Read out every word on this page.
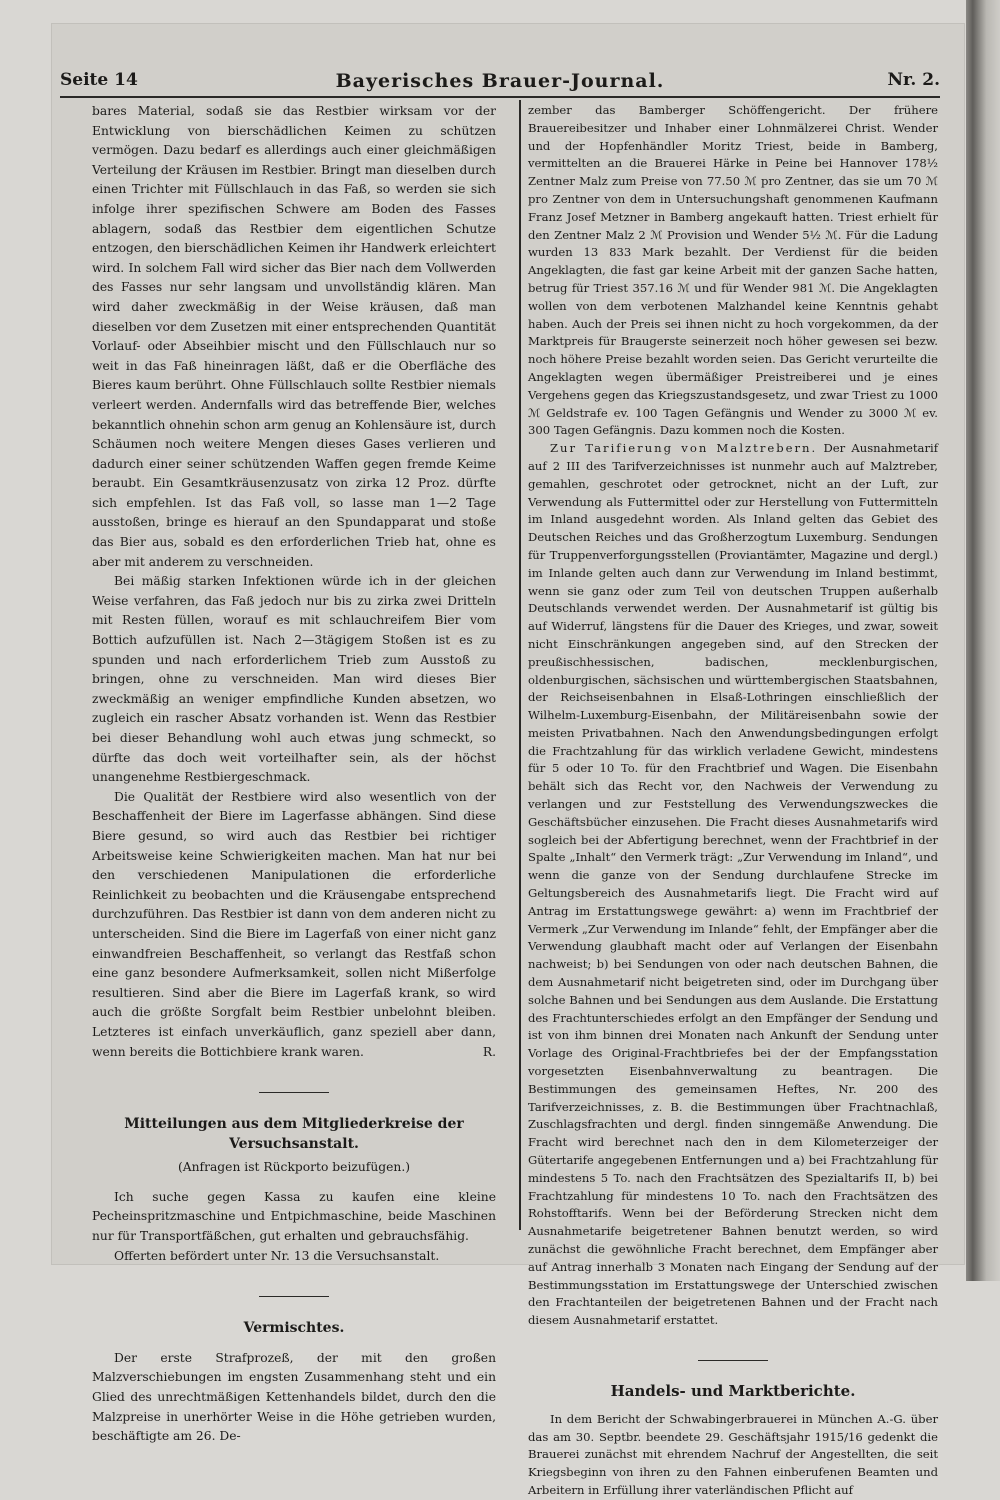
Seite 14	Bayerisches Brauer-Journal.	Nr. 2.

bares Material, sodaß sie das Restbier wirksam vor der Entwicklung von bierschädlichen Keimen zu schützen vermögen. Dazu bedarf es allerdings auch einer gleichmäßigen Verteilung der Kräusen im Restbier. Bringt man dieselben durch einen Trichter mit Füllschlauch in das Faß, so werden sie sich infolge ihrer spezifischen Schwere am Boden des Fasses ablagern, sodaß das Restbier dem eigentlichen Schutze entzogen, den bierschädlichen Keimen ihr Handwerk erleichtert wird. In solchem Fall wird sicher das Bier nach dem Vollwerden des Fasses nur sehr langsam und unvollständig klären. Man wird daher zweckmäßig in der Weise kräusen, daß man dieselben vor dem Zusetzen mit einer entsprechenden Quantität Vorlauf- oder Abseihbier mischt und den Füllschlauch nur so weit in das Faß hineinragen läßt, daß er die Oberfläche des Bieres kaum berührt. Ohne Füllschlauch sollte Restbier niemals verleert werden. Andernfalls wird das betreffende Bier, welches bekanntlich ohnehin schon arm genug an Kohlensäure ist, durch Schäumen noch weitere Mengen dieses Gases verlieren und dadurch einer seiner schützenden Waffen gegen fremde Keime beraubt. Ein Gesamtkräusenzusatz von zirka 12 Proz. dürfte sich empfehlen. Ist das Faß voll, so lasse man 1—2 Tage ausstoßen, bringe es hierauf an den Spundapparat und stoße das Bier aus, sobald es den erforderlichen Trieb hat, ohne es aber mit anderem zu verschneiden.

Bei mäßig starken Infektionen würde ich in der gleichen Weise verfahren, das Faß jedoch nur bis zu zirka zwei Dritteln mit Resten füllen, worauf es mit schlauchreifem Bier vom Bottich aufzufüllen ist. Nach 2—3tägigem Stoßen ist es zu spunden und nach erforderlichem Trieb zum Ausstoß zu bringen, ohne zu verschneiden. Man wird dieses Bier zweckmäßig an weniger empfindliche Kunden absetzen, wo zugleich ein rascher Absatz vorhanden ist. Wenn das Restbier bei dieser Behandlung wohl auch etwas jung schmeckt, so dürfte das doch weit vorteilhafter sein, als der höchst unangenehme Restbiergeschmack.

Die Qualität der Restbiere wird also wesentlich von der Beschaffenheit der Biere im Lagerfasse abhängen. Sind diese Biere gesund, so wird auch das Restbier bei richtiger Arbeitsweise keine Schwierigkeiten machen. Man hat nur bei den verschiedenen Manipulationen die erforderliche Reinlichkeit zu beobachten und die Kräusengabe entsprechend durchzuführen. Das Restbier ist dann von dem anderen nicht zu unterscheiden. Sind die Biere im Lagerfaß von einer nicht ganz einwandfreien Beschaffenheit, so verlangt das Restfaß schon eine ganz besondere Aufmerksamkeit, sollen nicht Mißerfolge resultieren. Sind aber die Biere im Lagerfaß krank, so wird auch die größte Sorgfalt beim Restbier unbelohnt bleiben. Letzteres ist einfach unverkäuflich, ganz speziell aber dann, wenn bereits die Bottichbiere krank waren.	R.
Mitteilungen aus dem Mitgliederkreise der Versuchsanstalt.
(Anfragen ist Rückporto beizufügen.)

Ich suche gegen Kassa zu kaufen eine kleine Pecheinspritzmaschine und Entpichmaschine, beide Maschinen nur für Transportfäßchen, gut erhalten und gebrauchsfähig.

Offerten befördert unter Nr. 13 die Versuchsanstalt.

Vermischtes.

Der erste Strafprozeß, der mit den großen Malzverschiebungen im engsten Zusammenhang steht und ein Glied des unrechtmäßigen Kettenhandels bildet, durch den die Malzpreise in unerhörter Weise in die Höhe getrieben wurden, beschäftigte am 26. De-

zember das Bamberger Schöffengericht. Der frühere Brauereibesitzer und Inhaber einer Lohnmälzerei Christ. Wender und der Hopfenhändler Moritz Triest, beide in Bamberg, vermittelten an die Brauerei Härke in Peine bei Hannover 178½ Zentner Malz zum Preise von 77.50 ℳ pro Zentner, das sie um 70 ℳ pro Zentner von dem in Untersuchungshaft genommenen Kaufmann Franz Josef Metzner in Bamberg angekauft hatten. Triest erhielt für den Zentner Malz 2 ℳ Provision und Wender 5½ ℳ. Für die Ladung wurden 13 833 Mark bezahlt. Der Verdienst für die beiden Angeklagten, die fast gar keine Arbeit mit der ganzen Sache hatten, betrug für Triest 357.16 ℳ und für Wender 981 ℳ. Die Angeklagten wollen von dem verbotenen Malzhandel keine Kenntnis gehabt haben. Auch der Preis sei ihnen nicht zu hoch vorgekommen, da der Marktpreis für Braugerste seinerzeit noch höher gewesen sei bezw. noch höhere Preise bezahlt worden seien. Das Gericht verurteilte die Angeklagten wegen übermäßiger Preistreiberei und je eines Vergehens gegen das Kriegszustandsgesetz, und zwar Triest zu 1000 ℳ Geldstrafe ev. 100 Tagen Gefängnis und Wender zu 3000 ℳ ev. 300 Tagen Gefängnis. Dazu kommen noch die Kosten.

Zur Tarifierung von Malztrebern. Der Ausnahmetarif auf 2 III des Tarifverzeichnisses ist nunmehr auch auf Malztreber, gemahlen, geschrotet oder getrocknet, nicht an der Luft, zur Verwendung als Futtermittel oder zur Herstellung von Futtermitteln im Inland ausgedehnt worden. Als Inland gelten das Gebiet des Deutschen Reiches und das Großherzogtum Luxemburg. Sendungen für Truppenverforgungsstellen (Proviantämter, Magazine und dergl.) im Inlande gelten auch dann zur Verwendung im Inland bestimmt, wenn sie ganz oder zum Teil von deutschen Truppen außerhalb Deutschlands verwendet werden. Der Ausnahmetarif ist gültig bis auf Widerruf, längstens für die Dauer des Krieges, und zwar, soweit nicht Einschränkungen angegeben sind, auf den Strecken der preußischhessischen, badischen, mecklenburgischen, oldenburgischen, sächsischen und württembergischen Staatsbahnen, der Reichseisenbahnen in Elsaß-Lothringen einschließlich der Wilhelm-Luxemburg-Eisenbahn, der Militäreisenbahn sowie der meisten Privatbahnen. Nach den Anwendungsbedingungen erfolgt die Frachtzahlung für das wirklich verladene Gewicht, mindestens für 5 oder 10 To. für den Frachtbrief und Wagen. Die Eisenbahn behält sich das Recht vor, den Nachweis der Verwendung zu verlangen und zur Feststellung des Verwendungszweckes die Geschäftsbücher einzusehen. Die Fracht dieses Ausnahmetarifs wird sogleich bei der Abfertigung berechnet, wenn der Frachtbrief in der Spalte „Inhalt“ den Vermerk trägt: „Zur Verwendung im Inland“, und wenn die ganze von der Sendung durchlaufene Strecke im Geltungsbereich des Ausnahmetarifs liegt. Die Fracht wird auf Antrag im Erstattungswege gewährt: a) wenn im Frachtbrief der Vermerk „Zur Verwendung im Inlande“ fehlt, der Empfänger aber die Verwendung glaubhaft macht oder auf Verlangen der Eisenbahn nachweist; b) bei Sendungen von oder nach deutschen Bahnen, die dem Ausnahmetarif nicht beigetreten sind, oder im Durchgang über solche Bahnen und bei Sendungen aus dem Auslande. Die Erstattung des Frachtunterschiedes erfolgt an den Empfänger der Sendung und ist von ihm binnen drei Monaten nach Ankunft der Sendung unter Vorlage des Original-Frachtbriefes bei der der Empfangsstation vorgesetzten Eisenbahnverwaltung zu beantragen. Die Bestimmungen des gemeinsamen Heftes, Nr. 200 des Tarifverzeichnisses, z. B. die Bestimmungen über Frachtnachlaß, Zuschlagsfrachten und dergl. finden sinngemäße Anwendung. Die Fracht wird berechnet nach den in dem Kilometerzeiger der Gütertarife angegebenen Entfernungen und a) bei Frachtzahlung für mindestens 5 To. nach den Frachtsätzen des Spezialtarifs II, b) bei Frachtzahlung für mindestens 10 To. nach den Frachtsätzen des Rohstofftarifs. Wenn bei der Beförderung Strecken nicht dem Ausnahmetarife beigetretener Bahnen benutzt werden, so wird zunächst die gewöhnliche Fracht berechnet, dem Empfänger aber auf Antrag innerhalb 3 Monaten nach Eingang der Sendung auf der Bestimmungsstation im Erstattungswege der Unterschied zwischen den Frachtanteilen der beigetretenen Bahnen und der Fracht nach diesem Ausnahmetarif erstattet.

Handels- und Marktberichte.

In dem Bericht der Schwabingerbrauerei in München A.-G. über das am 30. Septbr. beendete 29. Geschäftsjahr 1915/16 gedenkt die Brauerei zunächst mit ehrendem Nachruf der Angestellten, die seit Kriegsbeginn von ihren zu den Fahnen einberufenen Beamten und Arbeitern in Erfüllung ihrer vaterländischen Pflicht auf
